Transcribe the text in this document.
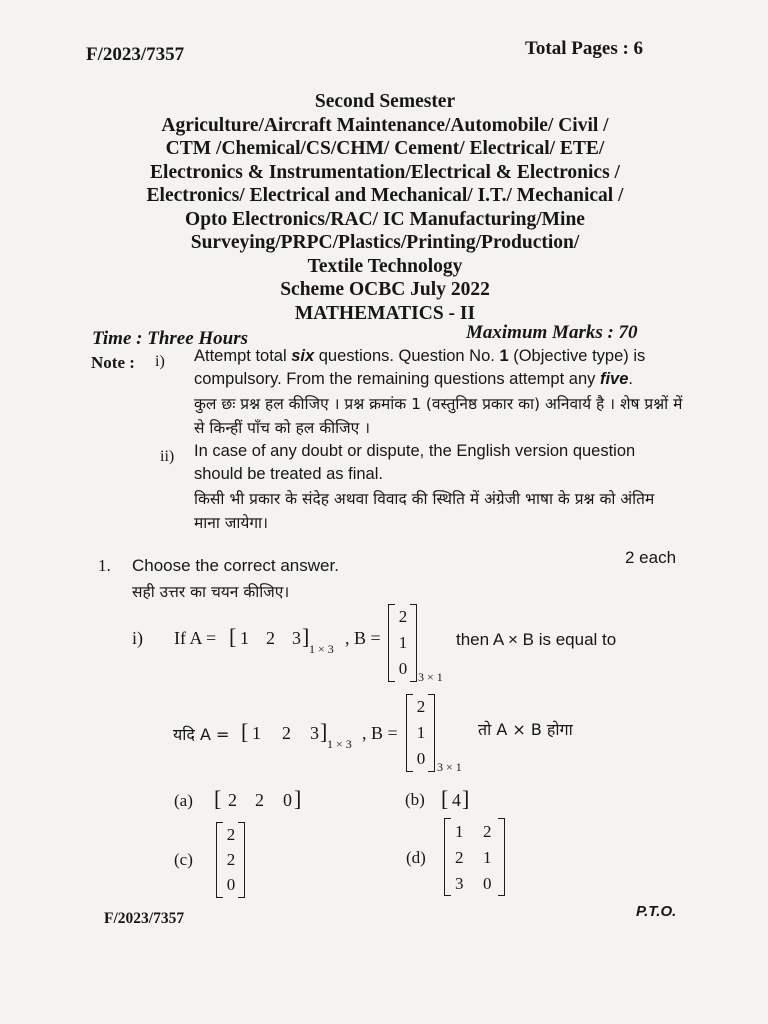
F/2023/7357	Total Pages : 6
Second Semester
Agriculture/Aircraft Maintenance/Automobile/ Civil /
CTM /Chemical/CS/CHM/ Cement/ Electrical/ ETE/
Electronics & Instrumentation/Electrical & Electronics /
Electronics/ Electrical and Mechanical/ I.T./ Mechanical /
Opto Electronics/RAC/ IC Manufacturing/Mine
Surveying/PRPC/Plastics/Printing/Production/
Textile Technology
Scheme OCBC July 2022
MATHEMATICS - II
Time : Three Hours	Maximum Marks : 70
Note : i) Attempt total six questions. Question No. 1 (Objective type) is compulsory. From the remaining questions attempt any five.
कुल छः प्रश्न हल कीजिए । प्रश्न क्रमांक 1 (वस्तुनिष्ठ प्रकार का) अनिवार्य है । शेष प्रश्नों में से किन्हीं पाँच को हल कीजिए ।
ii) In case of any doubt or dispute, the English version question should be treated as final.
किसी भी प्रकार के संदेह अथवा विवाद की स्थिति में अंग्रेजी भाषा के प्रश्न को अंतिम माना जायेगा।
1. Choose the correct answer.
सही उत्तर का चयन कीजिए।
2 each
i) If A = [ 1 2 3 ] 1 × 3
, B =
2
1
0 3 × 1
then A × B is equal to
यदि A = [ 1 2 3 ] 1 × 3
, B =
2
1
0 3 × 1
तो A × B होगा
(a) [ 2 2 0 ]	(b) [ 4 ]
(c)
2
2
0
(d)
1 2
2 1
3 0
F/2023/7357	P.T.O.
